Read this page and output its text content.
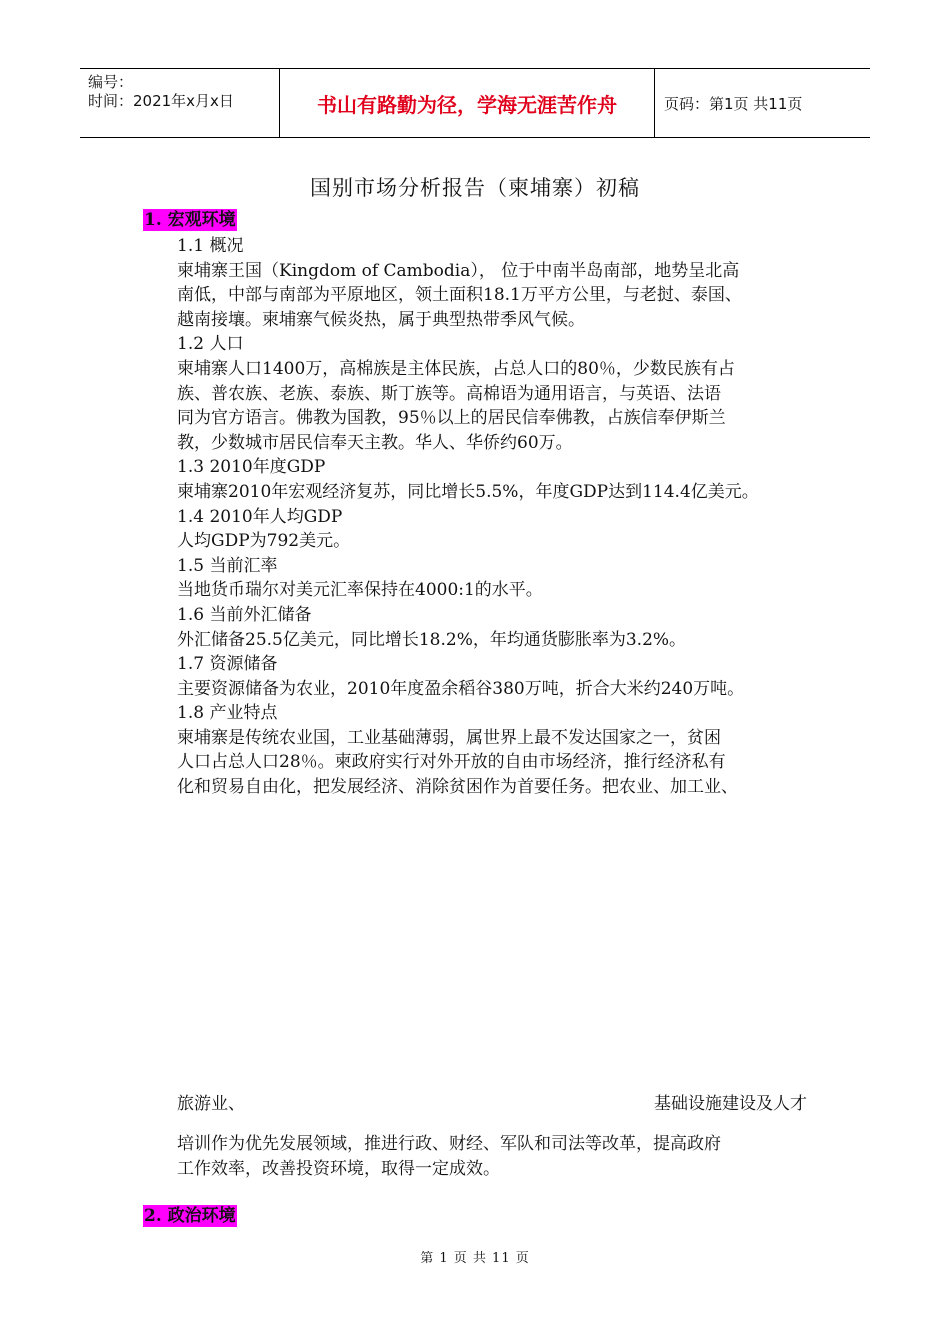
编号：
时间：2021年x月x日	书山有路勤为径，学海无涯苦作舟	页码：第1页 共11页
国别市场分析报告（柬埔寨）初稿
1. 宏观环境

1.1 概况

柬埔寨王国（Kingdom of Cambodia）， 位于中南半岛南部，地势呈北高

南低，中部与南部为平原地区，领土面积18.1万平方公里，与老挝、泰国、

越南接壤。柬埔寨气候炎热，属于典型热带季风气候。

1.2 人口

柬埔寨人口1400万，高棉族是主体民族，占总人口的80％，少数民族有占

族、普农族、老族、泰族、斯丁族等。高棉语为通用语言，与英语、法语

同为官方语言。佛教为国教，95％以上的居民信奉佛教，占族信奉伊斯兰

教，少数城市居民信奉天主教。华人、华侨约60万。

1.3 2010年度GDP

柬埔寨2010年宏观经济复苏，同比增长5.5%，年度GDP达到114.4亿美元。

1.4 2010年人均GDP

人均GDP为792美元。

1.5 当前汇率

当地货币瑞尔对美元汇率保持在4000:1的水平。

1.6 当前外汇储备

外汇储备25.5亿美元，同比增长18.2%，年均通货膨胀率为3.2%。

1.7 资源储备

主要资源储备为农业，2010年度盈余稻谷380万吨，折合大米约240万吨。

1.8 产业特点

柬埔寨是传统农业国，工业基础薄弱，属世界上最不发达国家之一，贫困

人口占总人口28％。柬政府实行对外开放的自由市场经济，推行经济私有

化和贸易自由化，把发展经济、消除贫困作为首要任务。把农业、加工业、

旅游业、	基础设施建设及人才

培训作为优先发展领域，推进行政、财经、军队和司法等改革，提高政府

工作效率，改善投资环境，取得一定成效。

2. 政治环境
第 1 页 共 11 页
